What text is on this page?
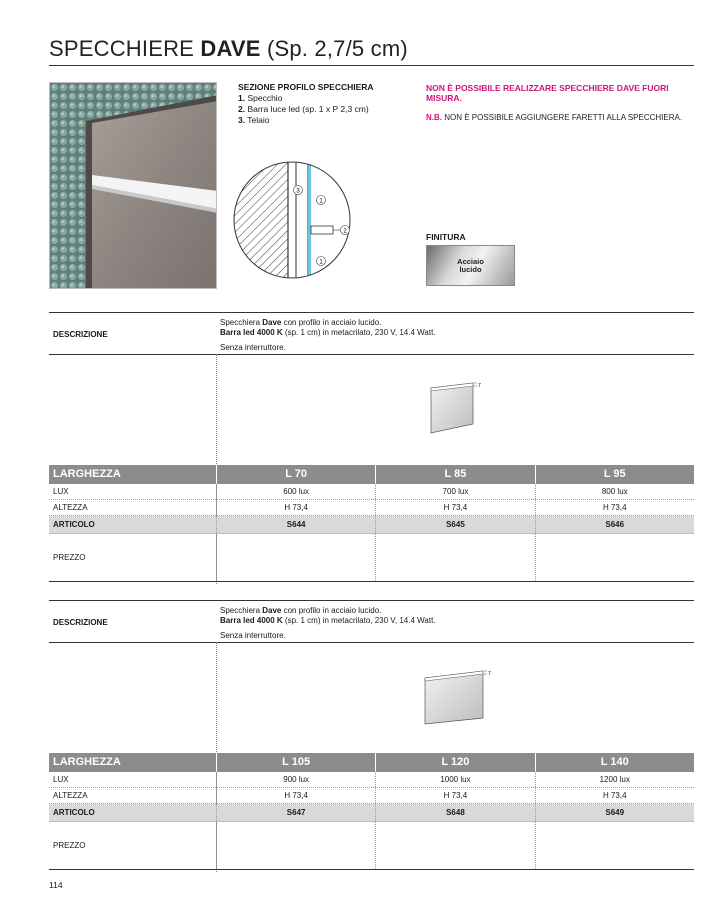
SPECCHIERE DAVE (Sp. 2,7/5 cm)
SEZIONE PROFILO SPECCHIERA
1. Specchio
2. Barra luce led (sp. 1 x P 2,3 cm)
3. Telaio
3
1
2
1
NON È POSSIBILE REALIZZARE SPECCHIERE DAVE FUORI MISURA.
N.B. NON È POSSIBILE AGGIUNGERE FARETTI ALLA SPECCHIERA.
FINITURA
Acciaio
lucido
DESCRIZIONE
Specchiera Dave con profilo in acciaio lucido.
Barra led 4000 K (sp. 1 cm) in metacrilato, 230 V, 14.4 Watt.
Senza interruttore.
7
LARGHEZZA	L 70	L 85	L 95
LUX	600 lux	700 lux	800 lux
ALTEZZA	H 73,4	H 73,4	H 73,4
ARTICOLO	S644	S645	S646
PREZZO
DESCRIZIONE
Specchiera Dave con profilo in acciaio lucido.
Barra led 4000 K (sp. 1 cm) in metacrilato, 230 V, 14.4 Watt.
Senza interruttore.
7
LARGHEZZA	L 105	L 120	L 140
LUX	900 lux	1000 lux	1200 lux
ALTEZZA	H 73,4	H 73,4	H 73,4
ARTICOLO	S647	S648	S649
PREZZO
114
